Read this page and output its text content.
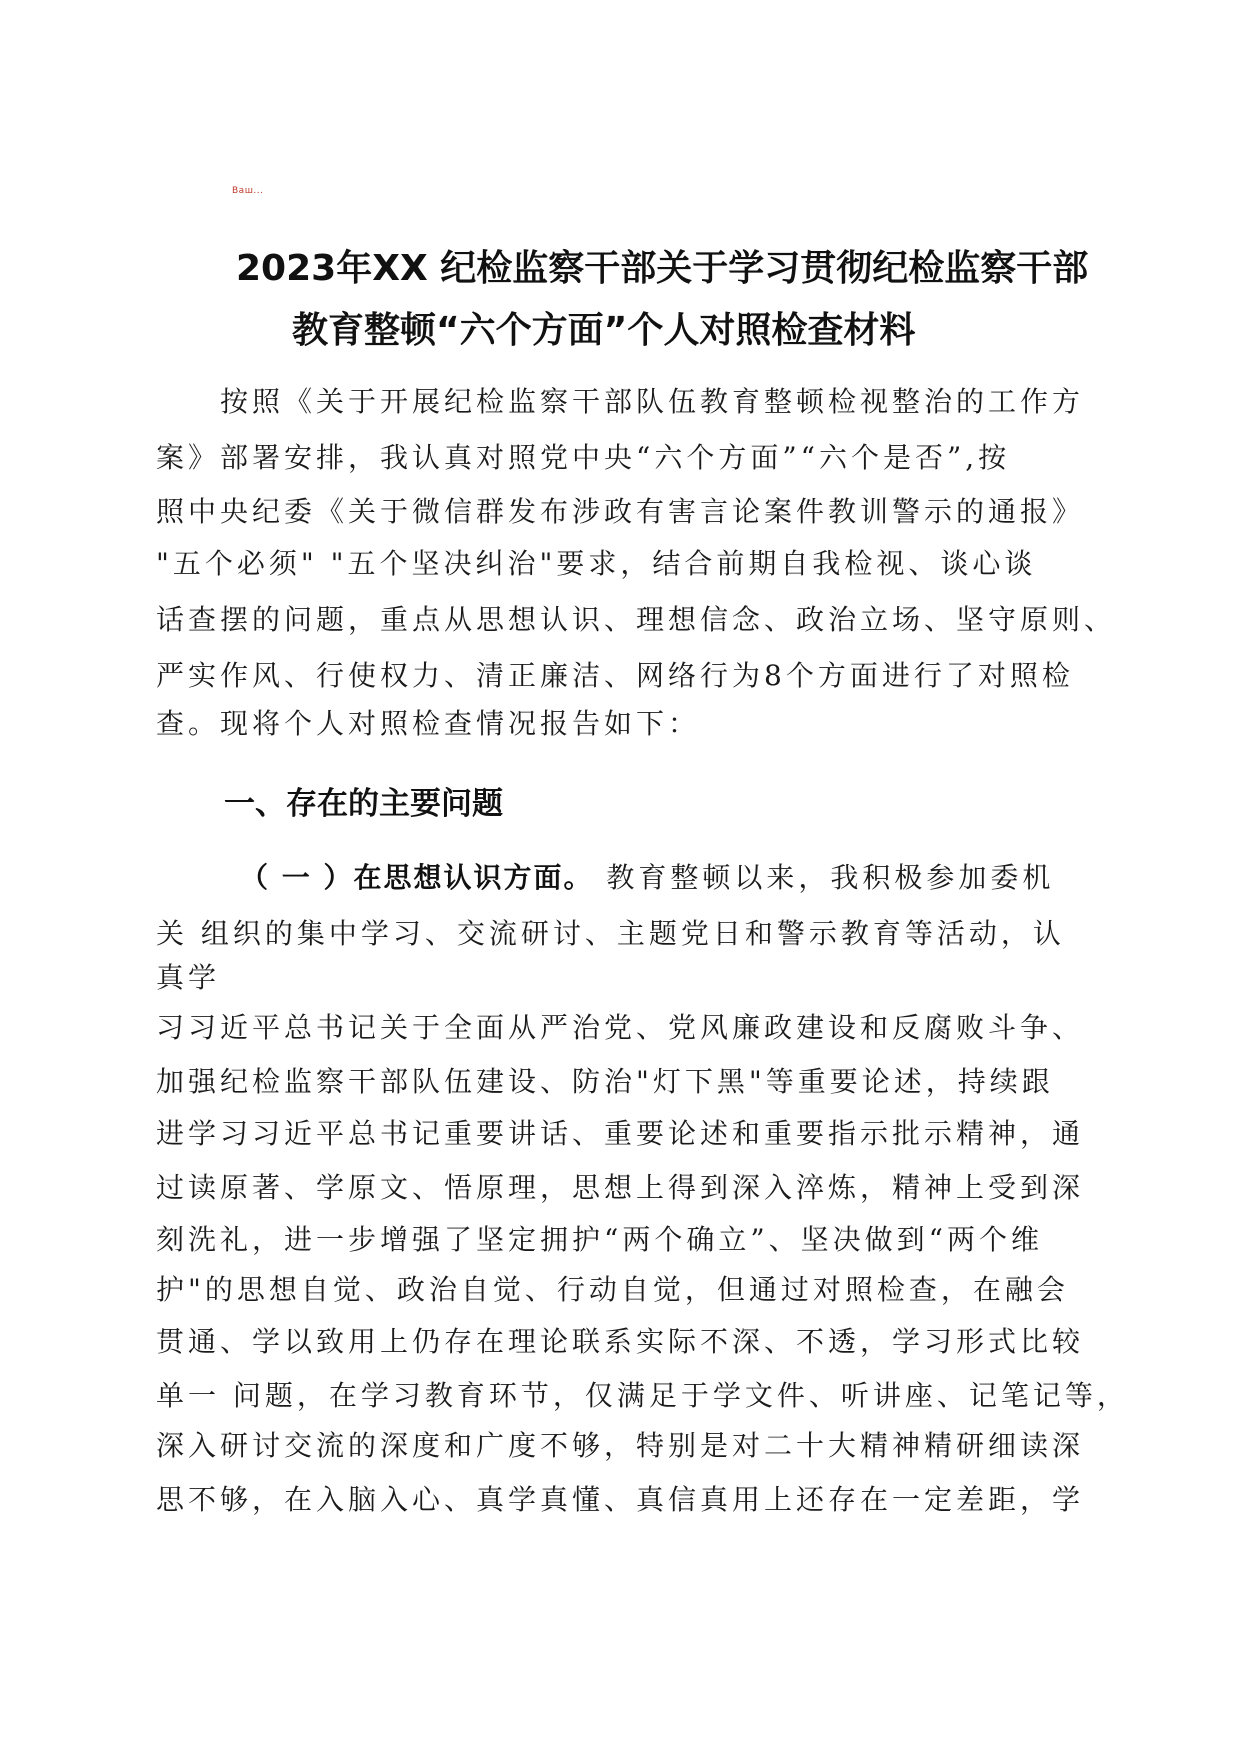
Ваш...
2023年XX 纪检监察干部关于学习贯彻纪检监察干部
教育整顿“六个方面”个人对照检查材料
按照《关于开展纪检监察干部队伍教育整顿检视整治的工作方
案》部署安排，我认真对照党中央“六个方面”“六个是否”,按
照中央纪委《关于微信群发布涉政有害言论案件教训警示的通报》
"五个必须" "五个坚决纠治"要求，结合前期自我检视、谈心谈
话查摆的问题，重点从思想认识、理想信念、政治立场、坚守原则、
严实作风、行使权力、清正廉洁、网络行为8个方面进行了对照检
查。现将个人对照检查情况报告如下：
一、存在的主要问题
（ 一 ）在思想认识方面。 教育整顿以来，我积极参加委机
关 组织的集中学习、交流研讨、主题党日和警示教育等活动，认
真学
习习近平总书记关于全面从严治党、党风廉政建设和反腐败斗争、
加强纪检监察干部队伍建设、防治"灯下黑"等重要论述，持续跟
进学习习近平总书记重要讲话、重要论述和重要指示批示精神，通
过读原著、学原文、悟原理，思想上得到深入淬炼，精神上受到深
刻洗礼，进一步增强了坚定拥护“两个确立”、坚决做到“两个维
护"的思想自觉、政治自觉、行动自觉，但通过对照检查，在融会
贯通、学以致用上仍存在理论联系实际不深、不透，学习形式比较
单一 问题，在学习教育环节，仅满足于学文件、听讲座、记笔记等，
深入研讨交流的深度和广度不够，特别是对二十大精神精研细读深
思不够，在入脑入心、真学真懂、真信真用上还存在一定差距，学
